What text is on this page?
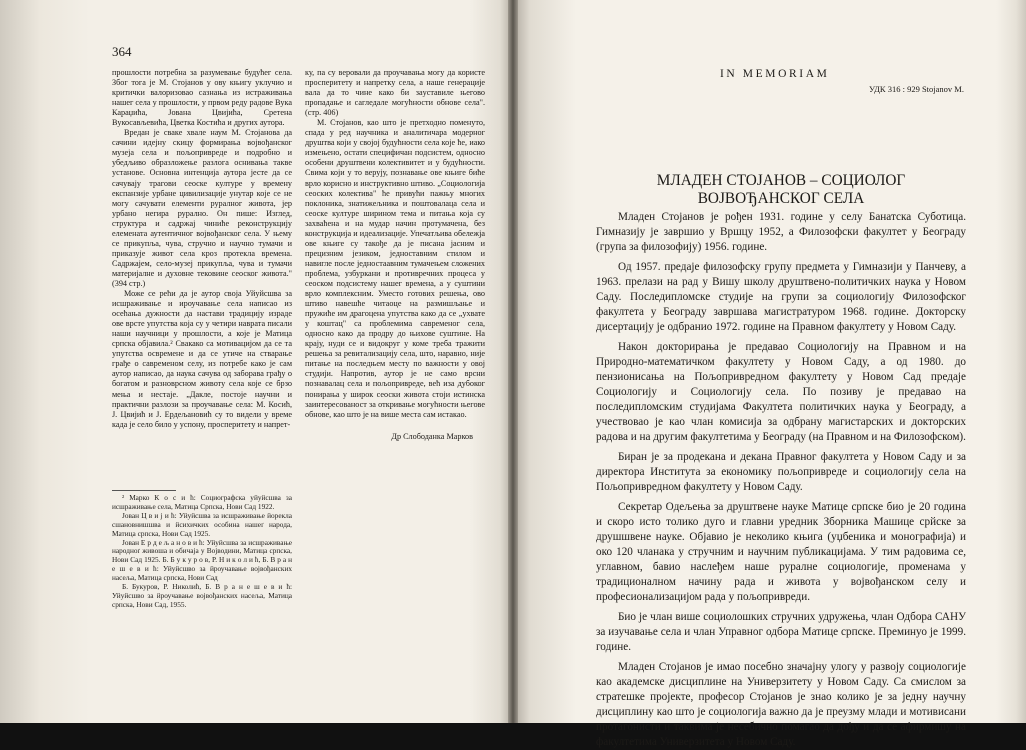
364

прошлости потребна за разумевање будућег села. Због тога је М. Стојанов у ову књигу уклучио и критички валоризовао сазнања из истраживања нашег села у прошлости, у првом реду радове Вука Караџића, Јована Цвијића, Сретена Вукосављевића, Цветка Костића и других аутора.

Вредан је сваке хвале наум М. Стојанова да сачини идејну скицу формирања војвођанског музеја села и пољопривреде и подробно и убедљиво образложење разлога оснивања такве установе. Основна интенција аутора јесте да се сачувају трагови сеоске културе у времену експанзије урбане цивилизације унутар које се не могу сачувати елементи руралног живота, јер урбано негира рурално. Он пише: Изглед, структура и садржај чиниће реконструкцију елемената аутентичног војвођанског села. У њему се прикупља, чува, стручно и научно тумачи и приказује живот села кроз протекла времена. Садржајем, село-музеј прикупља, чува и тумачи материјалне и духовне тековине сеоског живота." (394 стр.)

Може се рећи да је аутор своја Уйуйсшва за исшраживање и ироучавање села написао из осећања дужности да настави традицију израде ове врсте упутства која су у четири наврата писали наши научници у прошлости, а које је Матица српска објавила.² Свакако са мотивацијом да се та упутства освремене и да се утиче на стварање грађе о савременом селу, из потребе како је сам аутор написао, да наука сачува од заборава грађу о богатом и разноврсном животу села које се брзо мења и нестаје. „Дакле, постоје научни и практични разлози за проучавање села: М. Косић, Ј. Цвијић и Ј. Ердељановић су то видели у време када је село било у успону, просперитету и напрет-

ку, па су веровали да проучавања могу да користе просперитету и напретку села, а наше генерације вала да то чине како би зaуставиле његово пропадање и сагледале могућности обнове села". (стр. 406)

М. Стојанов, као што је претходно поменуто, спада у ред научника и аналитичара модерног друштва који у својој будућности села које ће, иако измењено, остати специфичан подсистем, односно особени друштвени колективитет и у будућности. Свима који у то верују, познавање ове књиге биће врло корисно и инструктивно штиво. „Социологија сеоских колектива" ће привући пажњу многих поклоника, знатижељника и поштовалаца села и сеоске културе ширином тема и питања која су захваћена и на мудар начин протумачена, без конструкција и идеализације. Упечатљива обележја ове књиге су такође да је писана јасним и прецизним језиком, једноставним стилом и навигле после једностаавним тумачењем сложених проблема, узбуркани и противречних процеса у сеоском подсистему нашег времена, а у суштини врло комплексним. Уместо готових решења, ово штиво навешће читаоце на размишљање и пружиће им драгоцена упутства како да се „ухвате у коштац" са проблемима савременог села, односно како да продру до њихове суштине. На крају, нуди се и видокруг у коме треба тражити решења за ревитализацију села, што, наравно, није питање на последњем месту по важности у овој студији. Напротив, аутор је не само врсни познавалац села и пољопривреде, већ иза дубоког понирања у широк сеоски живота стоји истинска заинтересованост за откривање могућности његове обнове, као што је на више места сам истакао.

Др Слободанка Марков

² Марко К о с и ћ: Социографска уйуйсшва за исшраживање села, Матица Српска, Нови Сад 1922.

Јован Ц в и ј и ћ: Уйуйсшва за исшраживање йорекла сшановнишшва и йсихичких особина нашеґ народа, Матица српска, Нови Сад 1925.

Јован Е р д е љ а н о в и ћ: Уйуйсшва за исшраживање народноґ живоша и обичаја у Војводини, Матица српска, Нови Сад 1925. Б. Б у к у р о в, Р. Н и к о л и ћ, Б. В р а н е ш е в и ћ: Уйуйсшво за йроучавање војвођанских насеља, Матица српска, Нови Сад

Б. Букуров, Р. Николић, Б. В р а н е ш е в и ћ: Уйуйсшво за йроучавање војвођанских насеља, Матица српска, Нови Сад, 1955.

IN MEMORIAM
УДК 316 : 929 Stojanov M.
МЛАДЕН СТОЈАНОВ – СОЦИОЛОГ ВОЈВОЂАНСКОГ СЕЛА

Младен Стојанов је рођен 1931. године у селу Банатска Суботица. Гимназију је завршио у Вршцу 1952, а Филозофски факултет у Београду (група за филозофију) 1956. године.

Од 1957. предаје филозофску групу предмета у Гимназији у Панчеву, а 1963. прелази на рад у Вишу школу друштвено-политичких наука у Новом Саду. Последипломске студије на групи за социологију Филозофског факултета у Београду завршава магистратуром 1968. године. Докторску дисертацију је одбранио 1972. године на Правном факултету у Новом Саду.

Након докторирања је предавао Социологију на Правном и на Природно-математичком факултету у Новом Саду, а од 1980. до пензионисања на Пољопривредном факултету у Новом Сад предаје Социологију и Социологију села. По позиву је предавао на последипломским студијама Факултета политичких наука у Београду, а учествовао је као члан комисија за одбрану магистарских и докторских радова и на другим факултетима у Београду (на Правном и на Филозофском).

Биран је за продекана и декана Правног факултета у Новом Саду и за директора Института за економику пољопривреде и социологију села на Пољопривредном факултету у Новом Саду.

Секретар Одељења за друштвене науке Матице српске био је 20 година и скоро исто толико дуго и главни уредник Зборника Машице срйске за друшшвене науке. Објавио је неколико књига (уџбеника и монографија) и око 120 чланака у стручним и научним публикацијама. У тим радовима се, углавном, бавио наслеђем наше руралне социологије, променама у традиционалном начину рада и живота у војвођанском селу и професионализацијом рада у пољопривреди.

Био је члан више социолошких стручних удружења, члан Одбора САНУ за изучавање села и члан Управног одбора Матице српске. Преминуо је 1999. године.

Младен Стојанов је имао посебно значајну улогу у развоју социологије као академске дисциплине на Универзитету у Новом Саду. Са смислом за стратешке пројекте, професор Стојанов је знао колико је за једну научну дисциплину као што је социологија важно да је преузму млади и мотивисани протагонисти и таквима је несебично помагао да дођу и да се афирмишу на факултетима Универзитета у Новом Саду.
